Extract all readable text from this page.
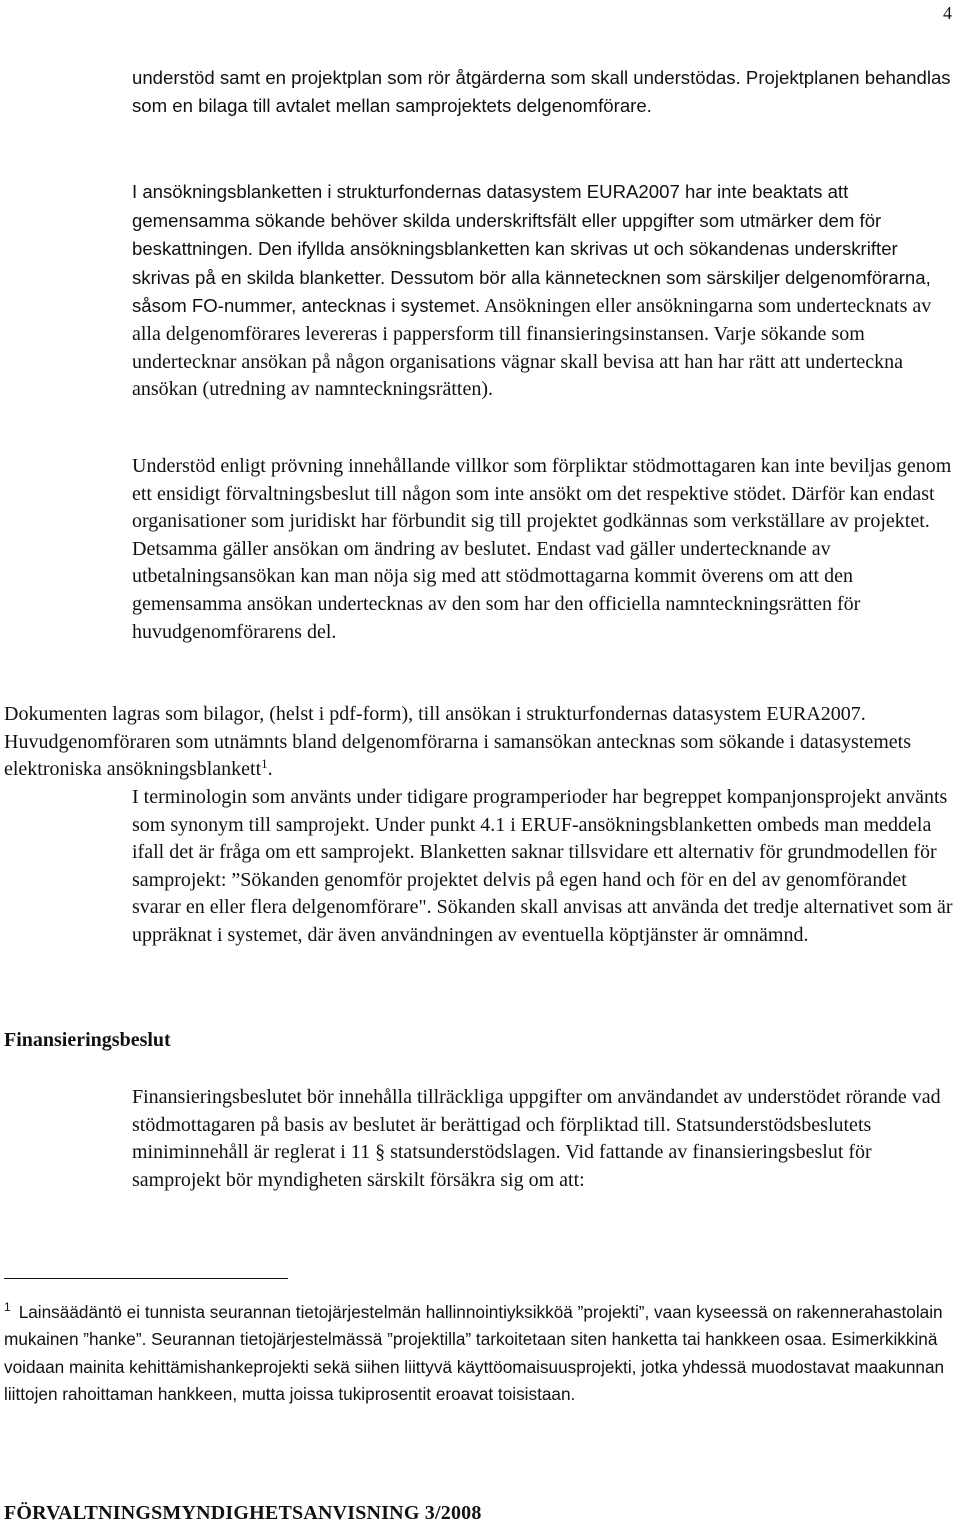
4

understöd samt en projektplan som rör åtgärderna som skall understödas. Projektplanen behandlas som en bilaga till avtalet mellan samprojektets delgenomförare.

I ansökningsblanketten i strukturfondernas datasystem EURA2007 har inte beaktats att gemensamma sökande behöver skilda underskriftsfält eller uppgifter som utmärker dem för beskattningen. Den ifyllda ansökningsblanketten kan skrivas ut och sökandenas underskrifter skrivas på en skilda blanketter. Dessutom bör alla kännetecknen som särskiljer delgenomförarna, såsom FO-nummer, antecknas i systemet. Ansökningen eller ansökningarna som undertecknats av alla delgenomförares levereras i pappersform till finansieringsinstansen. Varje sökande som undertecknar ansökan på någon organisations vägnar skall bevisa att han har rätt att underteckna ansökan (utredning av namnteckningsrätten).

Understöd enligt prövning innehållande villkor som förpliktar stödmottagaren kan inte beviljas genom ett ensidigt förvaltningsbeslut till någon som inte ansökt om det respektive stödet. Därför kan endast organisationer som juridiskt har förbundit sig till projektet godkännas som verkställare av projektet. Detsamma gäller ansökan om ändring av beslutet. Endast vad gäller undertecknande av utbetalningsansökan kan man nöja sig med att stödmottagarna kommit överens om att den gemensamma ansökan undertecknas av den som har den officiella namnteckningsrätten för huvudgenomförarens del.

Dokumenten lagras som bilagor, (helst i pdf-form), till ansökan i strukturfondernas datasystem EURA2007. Huvudgenomföraren som utnämnts bland delgenomförarna i samansökan antecknas som sökande i datasystemets elektroniska ansökningsblankett$^1$.

I terminologin som använts under tidigare programperioder har begreppet kompanjonsprojekt använts som synonym till samprojekt. Under punkt 4.1 i ERUF-ansökningsblanketten ombeds man meddela ifall det är fråga om ett samprojekt. Blanketten saknar tillsvidare ett alternativ för grundmodellen för samprojekt: ”Sökanden genomför projektet delvis på egen hand och för en del av genomförandet svarar en eller flera delgenomförare". Sökanden skall anvisas att använda det tredje alternativet som är uppräknat i systemet, där även användningen av eventuella köptjänster är omnämnd.

Finansieringsbeslut

Finansieringsbeslutet bör innehålla tillräckliga uppgifter om användandet av understödet rörande vad stödmottagaren på basis av beslutet är berättigad och förpliktad till. Statsunderstödsbeslutets miniminnehåll är reglerat i 11 § statsunderstödslagen. Vid fattande av finansieringsbeslut för samprojekt bör myndigheten särskilt försäkra sig om att:

$^1$ Lainsäädäntö ei tunnista seurannan tietojärjestelmän hallinnointiyksikköä ”projekti”, vaan kyseessä on rakennerahastolain mukainen ”hanke”. Seurannan tietojärjestelmässä ”projektilla” tarkoitetaan siten hanketta tai hankkeen osaa. Esimerkikkinä voidaan mainita kehittämishankeprojekti sekä siihen liittyvä käyttöomaisuusprojekti, jotka yhdessä muodostavat maakunnan liittojen rahoittaman hankkeen, mutta joissa tukiprosentit eroavat toisistaan.

FÖRVALTNINGSMYNDIGHETSANVISNING 3/2008
